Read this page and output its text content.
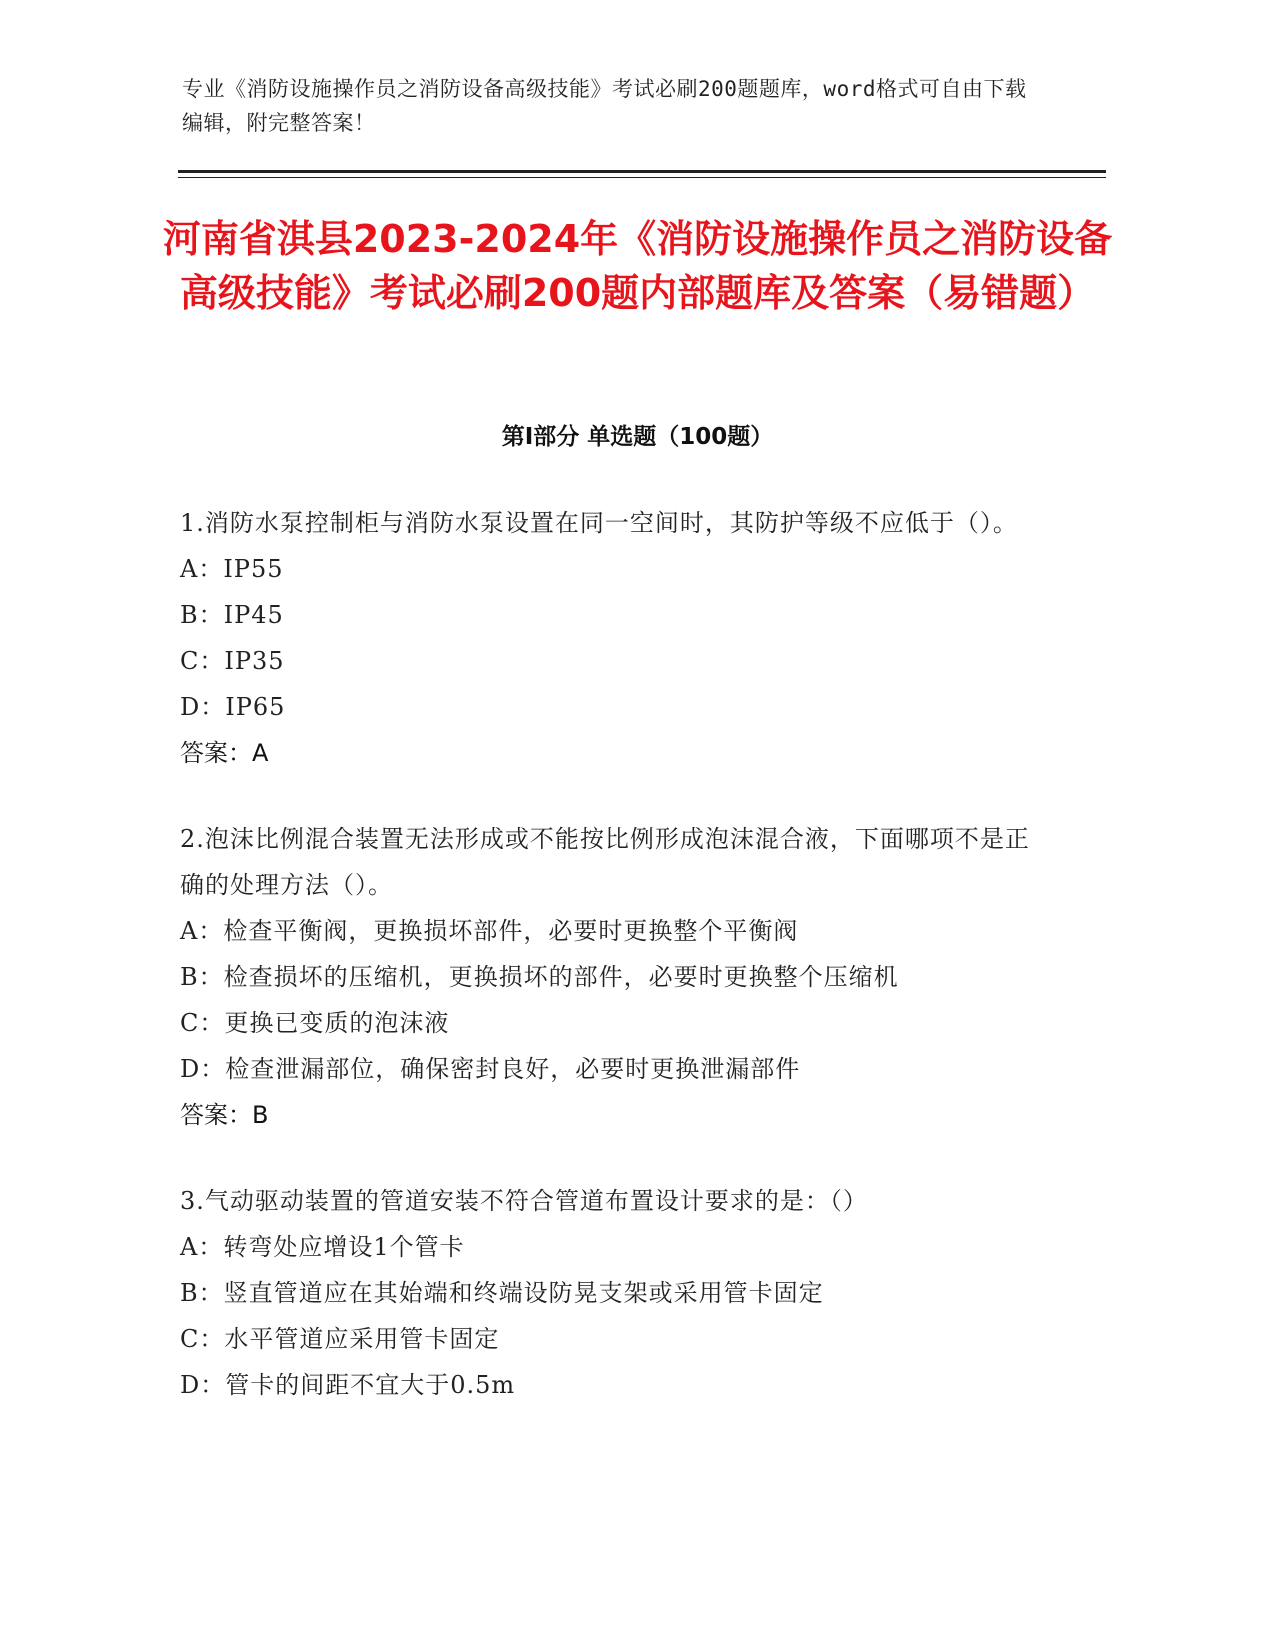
专业《消防设施操作员之消防设备高级技能》考试必刷200题题库，word格式可自由下载编辑，附完整答案！
河南省淇县2023-2024年《消防设施操作员之消防设备高级技能》考试必刷200题内部题库及答案（易错题）
第Ⅰ部分 单选题（100题）
1.消防水泵控制柜与消防水泵设置在同一空间时，其防护等级不应低于（）。
A：IP55
B：IP45
C：IP35
D：IP65
答案：A
2.泡沫比例混合装置无法形成或不能按比例形成泡沫混合液，下面哪项不是正确的处理方法（）。
A：检查平衡阀，更换损坏部件，必要时更换整个平衡阀
B：检查损坏的压缩机，更换损坏的部件，必要时更换整个压缩机
C：更换已变质的泡沫液
D：检查泄漏部位，确保密封良好，必要时更换泄漏部件
答案：B
3.气动驱动装置的管道安装不符合管道布置设计要求的是：（）
A：转弯处应增设1个管卡
B：竖直管道应在其始端和终端设防晃支架或采用管卡固定
C：水平管道应采用管卡固定
D：管卡的间距不宜大于0.5m
